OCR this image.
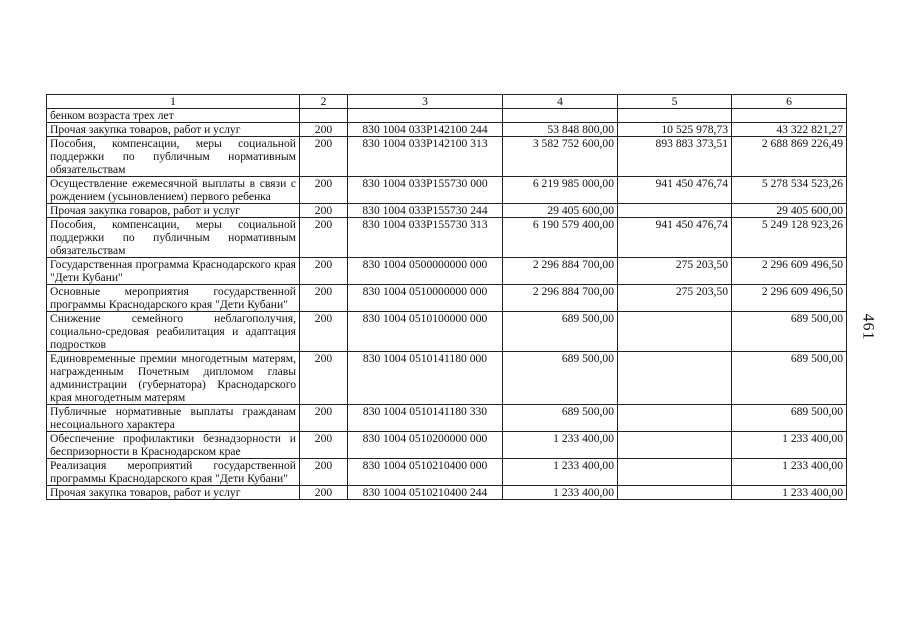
1	2	3	4	5	6
бенком возраста трех лет					
Прочая закупка товаров, работ и услуг	200	830 1004 033P142100 244	53 848 800,00	10 525 978,73	43 322 821,27
Пособия, компенсации, меры социальной поддержки по публичным нормативным обязательствам	200	830 1004 033P142100 313	3 582 752 600,00	893 883 373,51	2 688 869 226,49
Осуществление ежемесячной выплаты в связи с рождением (усыновлением) первого ребенка	200	830 1004 033P155730 000	6 219 985 000,00	941 450 476,74	5 278 534 523,26
Прочая закупка говаров, работ и услуг	200	830 1004 033P155730 244	29 405 600,00		29 405 600,00
Пособия, компенсации, меры социальной поддержки по публичным нормативным обязательствам	200	830 1004 033P155730 313	6 190 579 400,00	941 450 476,74	5 249 128 923,26
Государственная программа Краснодарского края "Дети Кубани"	200	830 1004 0500000000 000	2 296 884 700,00	275 203,50	2 296 609 496,50
Основные мероприятия государственной программы Краснодарского края "Дети Кубани"	200	830 1004 0510000000 000	2 296 884 700,00	275 203,50	2 296 609 496,50
Снижение семейного неблагополучия, социально-средовая реабилитация и адаптация подростков	200	830 1004 0510100000 000	689 500,00		689 500,00
Единовременные премии многодетным матерям, награжденным Почетным дипломом главы администрации (губернатора) Краснодарского края многодетным матерям	200	830 1004 0510141180 000	689 500,00		689 500,00
Публичные нормативные выплаты гражданам несоциального характера	200	830 1004 0510141180 330	689 500,00		689 500,00
Обеспечение профилактики безнадзорности и беспризорности в Краснодарском крае	200	830 1004 0510200000 000	1 233 400,00		1 233 400,00
Реализация мероприятий государственной программы Краснодарского края "Дети Кубани"	200	830 1004 0510210400 000	1 233 400,00		1 233 400,00
Прочая закупка товаров, работ и услуг	200	830 1004 0510210400 244	1 233 400,00		1 233 400,00
461
